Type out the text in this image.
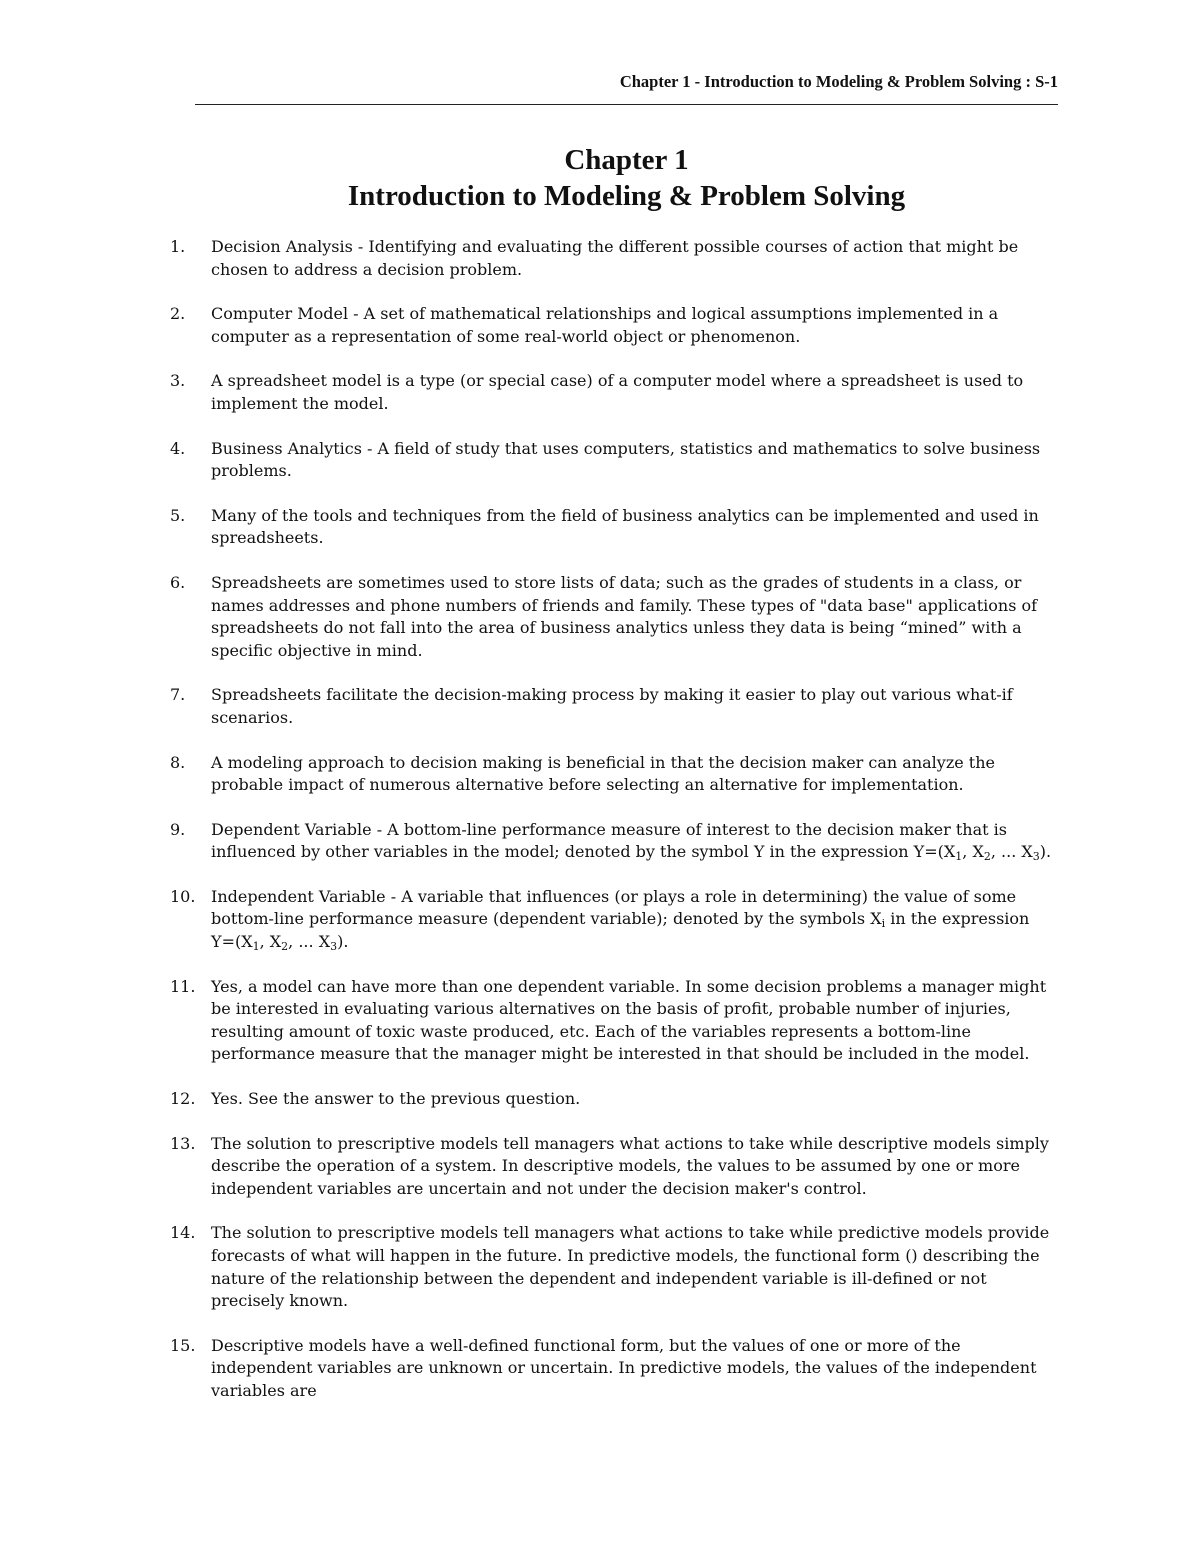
Chapter 1 - Introduction to Modeling & Problem Solving : S-1
Chapter 1
Introduction to Modeling & Problem Solving
1.	Decision Analysis - Identifying and evaluating the different possible courses of action that might be chosen to address a decision problem.
2.	Computer Model - A set of mathematical relationships and logical assumptions implemented in a computer as a representation of some real-world object or phenomenon.
3.	A spreadsheet model is a type (or special case) of a computer model where a spreadsheet is used to implement the model.
4.	Business Analytics - A field of study that uses computers, statistics and mathematics to solve business problems.
5.	Many of the tools and techniques from the field of business analytics can be implemented and used in spreadsheets.
6.	Spreadsheets are sometimes used to store lists of data; such as the grades of students in a class, or names addresses and phone numbers of friends and family. These types of "data base" applications of spreadsheets do not fall into the area of business analytics unless they data is being “mined” with a specific objective in mind.
7.	Spreadsheets facilitate the decision-making process by making it easier to play out various what-if scenarios.
8.	A modeling approach to decision making is beneficial in that the decision maker can analyze the probable impact of numerous alternative before selecting an alternative for implementation.
9.	Dependent Variable - A bottom-line performance measure of interest to the decision maker that is influenced by other variables in the model; denoted by the symbol Y in the expression $Y=(X_1$, $X_2$, ... $X_3$).
10. Independent Variable - A variable that influences (or plays a role in determining) the value of some bottom-line performance measure (dependent variable); denoted by the symbols $X_i$ in the expression $Y=(X_1$, $X_2$, ... $X_3$).
11. Yes, a model can have more than one dependent variable. In some decision problems a manager might be interested in evaluating various alternatives on the basis of profit, probable number of injuries, resulting amount of toxic waste produced, etc. Each of the variables represents a bottom-line performance measure that the manager might be interested in that should be included in the model.
12. Yes. See the answer to the previous question.
13. The solution to prescriptive models tell managers what actions to take while descriptive models simply describe the operation of a system. In descriptive models, the values to be assumed by one or more independent variables are uncertain and not under the decision maker's control.
14. The solution to prescriptive models tell managers what actions to take while predictive models provide forecasts of what will happen in the future. In predictive models, the functional form () describing the nature of the relationship between the dependent and independent variable is ill-defined or not precisely known.
15. Descriptive models have a well-defined functional form, but the values of one or more of the independent variables are unknown or uncertain. In predictive models, the values of the independent variables are
